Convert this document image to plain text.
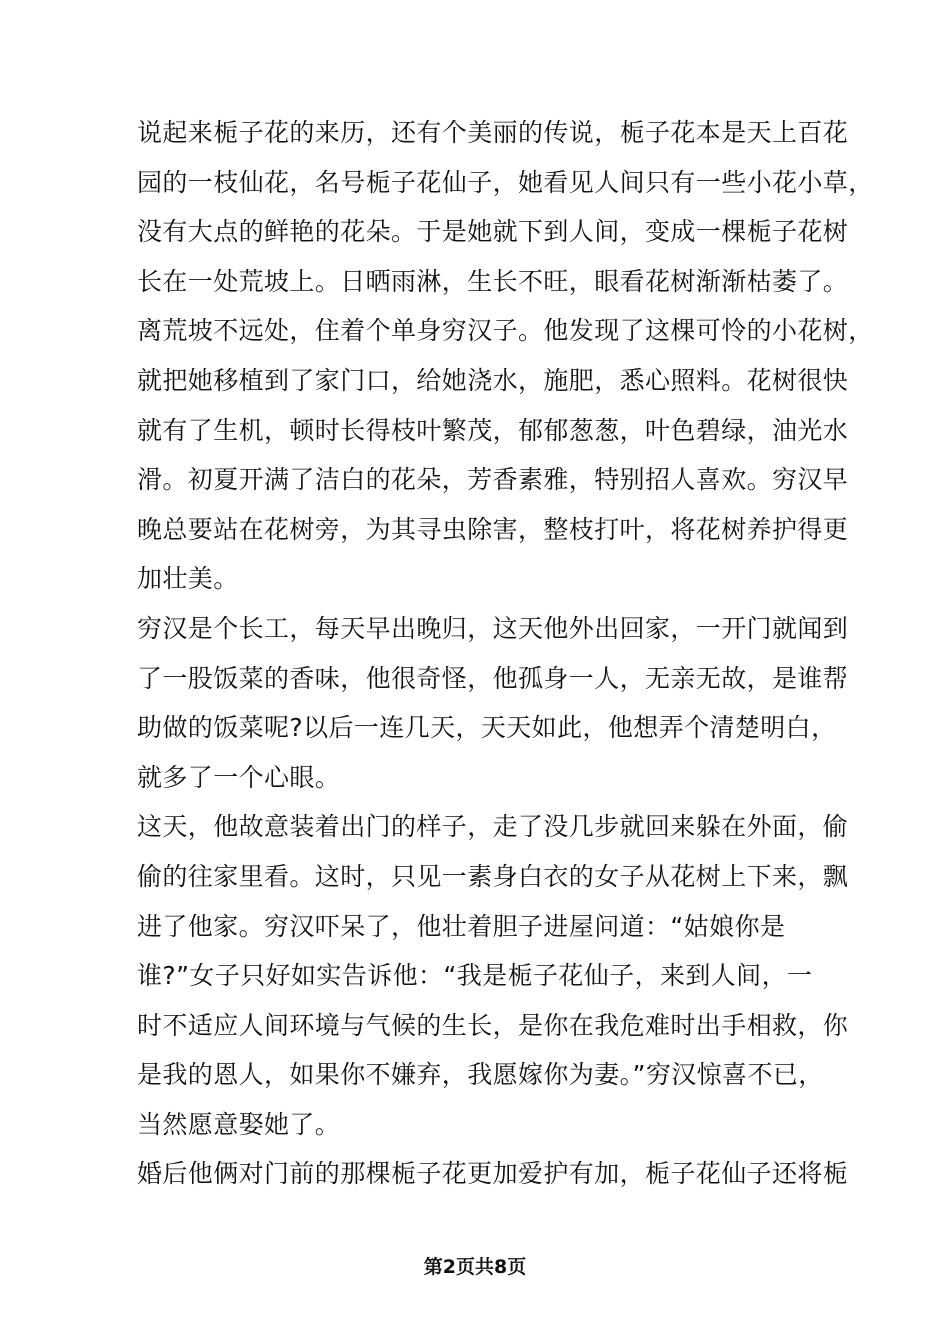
说起来栀子花的来历，还有个美丽的传说，栀子花本是天上百花
园的一枝仙花，名号栀子花仙子，她看见人间只有一些小花小草，
没有大点的鲜艳的花朵。于是她就下到人间，变成一棵栀子花树
长在一处荒坡上。日晒雨淋，生长不旺，眼看花树渐渐枯萎了。
离荒坡不远处，住着个单身穷汉子。他发现了这棵可怜的小花树，
就把她移植到了家门口，给她浇水，施肥，悉心照料。花树很快
就有了生机，顿时长得枝叶繁茂，郁郁葱葱，叶色碧绿，油光水
滑。初夏开满了洁白的花朵，芳香素雅，特别招人喜欢。穷汉早
晚总要站在花树旁，为其寻虫除害，整枝打叶，将花树养护得更
加壮美。
穷汉是个长工，每天早出晚归，这天他外出回家，一开门就闻到
了一股饭菜的香味，他很奇怪，他孤身一人，无亲无故，是谁帮
助做的饭菜呢?以后一连几天，天天如此，他想弄个清楚明白，
就多了一个心眼。
这天，他故意装着出门的样子，走了没几步就回来躲在外面，偷
偷的往家里看。这时，只见一素身白衣的女子从花树上下来，飘
进了他家。穷汉吓呆了，他壮着胆子进屋问道：“姑娘你是
谁?”女子只好如实告诉他：“我是栀子花仙子，来到人间，一
时不适应人间环境与气候的生长，是你在我危难时出手相救，你
是我的恩人，如果你不嫌弃，我愿嫁你为妻。”穷汉惊喜不已，
当然愿意娶她了。
婚后他俩对门前的那棵栀子花更加爱护有加，栀子花仙子还将栀
第2页共8页
